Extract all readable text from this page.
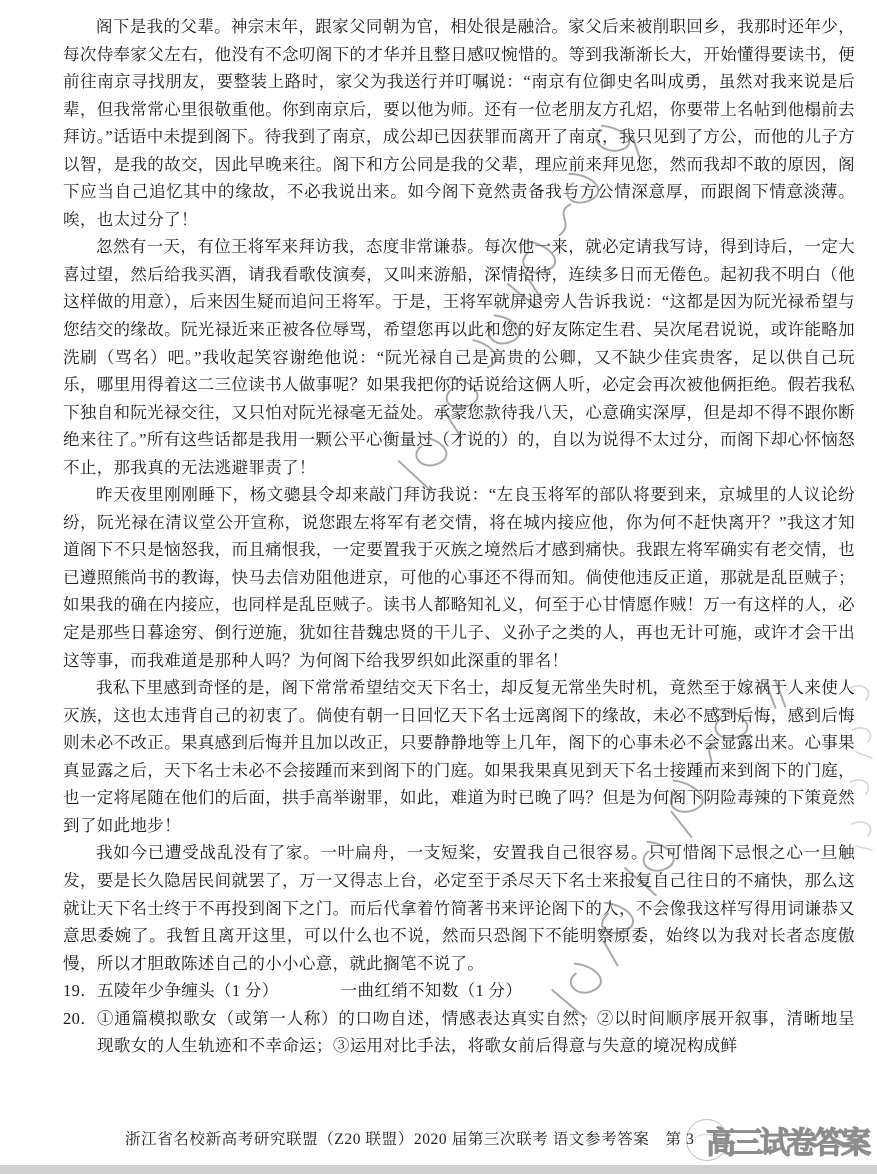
阁下是我的父辈。神宗末年，跟家父同朝为官，相处很是融洽。家父后来被削职回乡，我那时还年少，每次侍奉家父左右，他没有不念叨阁下的才华并且整日感叹惋惜的。等到我渐渐长大，开始懂得要读书，便前往南京寻找朋友，要整装上路时，家父为我送行并叮嘱说：“南京有位御史名叫成勇，虽然对我来说是后辈，但我常常心里很敬重他。你到南京后，要以他为师。还有一位老朋友方孔炤，你要带上名帖到他榻前去拜访。”话语中未提到阁下。待我到了南京，成公却已因获罪而离开了南京，我只见到了方公，而他的儿子方以智，是我的故交，因此早晚来往。阁下和方公同是我的父辈，理应前来拜见您，然而我却不敢的原因，阁下应当自己追忆其中的缘故，不必我说出来。如今阁下竟然责备我与方公情深意厚，而跟阁下情意淡薄。唉，也太过分了！

忽然有一天，有位王将军来拜访我，态度非常谦恭。每次他一来，就必定请我写诗，得到诗后，一定大喜过望，然后给我买酒，请我看歌伎演奏，又叫来游船，深情招待，连续多日而无倦色。起初我不明白（他这样做的用意），后来因生疑而追问王将军。于是，王将军就屏退旁人告诉我说：“这都是因为阮光禄希望与您结交的缘故。阮光禄近来正被各位辱骂，希望您再以此和您的好友陈定生君、吴次尾君说说，或许能略加洗刷（骂名）吧。”我收起笑容谢绝他说：“阮光禄自己是高贵的公卿，又不缺少佳宾贵客，足以供自己玩乐，哪里用得着这二三位读书人做事呢？如果我把你的话说给这俩人听，必定会再次被他俩拒绝。假若我私下独自和阮光禄交往，又只怕对阮光禄毫无益处。承蒙您款待我八天，心意确实深厚，但是却不得不跟你断绝来往了。”所有这些话都是我用一颗公平心衡量过（才说的）的，自以为说得不太过分，而阁下却心怀恼怒不止，那我真的无法逃避罪责了！

昨天夜里刚刚睡下，杨文骢县令却来敲门拜访我说：“左良玉将军的部队将要到来，京城里的人议论纷纷，阮光禄在清议堂公开宣称，说您跟左将军有老交情，将在城内接应他，你为何不赶快离开？”我这才知道阁下不只是恼怒我，而且痛恨我，一定要置我于灭族之境然后才感到痛快。我跟左将军确实有老交情，也已遵照熊尚书的教诲，快马去信劝阻他进京，可他的心事还不得而知。倘使他违反正道，那就是乱臣贼子；如果我的确在内接应，也同样是乱臣贼子。读书人都略知礼义，何至于心甘情愿作贼！万一有这样的人，必定是那些日暮途穷、倒行逆施，犹如往昔魏忠贤的干儿子、义孙子之类的人，再也无计可施，或许才会干出这等事，而我难道是那种人吗？为何阁下给我罗织如此深重的罪名！

我私下里感到奇怪的是，阁下常常希望结交天下名士，却反复无常坐失时机，竟然至于嫁祸于人来使人灭族，这也太违背自己的初衷了。倘使有朝一日回忆天下名士远离阁下的缘故，未必不感到后悔，感到后悔则未必不改正。果真感到后悔并且加以改正，只要静静地等上几年，阁下的心事未必不会显露出来。心事果真显露之后，天下名士未必不会接踵而来到阁下的门庭。如果我果真见到天下名士接踵而来到阁下的门庭，也一定将尾随在他们的后面，拱手高举谢罪，如此，难道为时已晚了吗？但是为何阁下阴险毒辣的下策竟然到了如此地步！

我如今已遭受战乱没有了家。一叶扁舟，一支短桨，安置我自己很容易。只可惜阁下忌恨之心一旦触发，要是长久隐居民间就罢了，万一又得志上台，必定至于杀尽天下名士来报复自己往日的不痛快，那么这就让天下名士终于不再投到阁下之门。而后代拿着竹简著书来评论阁下的人，不会像我这样写得用词谦恭又意思委婉了。我暂且离开这里，可以什么也不说，然而只恐阁下不能明察原委，始终以为我对长者态度傲慢，所以才胆敢陈述自己的小小心意，就此搁笔不说了。

19．五陵年少争缠头（1 分）	一曲红绡不知数（1 分）
20． ①通篇模拟歌女（或第一人称）的口吻自述，情感表达真实自然；②以时间顺序展开叙事，清晰地呈现歌女的人生轨迹和不幸命运；③运用对比手法，将歌女前后得意与失意的境况构成鲜
高三试卷答案
浙江省名校新高考研究联盟（Z20 联盟）2020 届第三次联考 语文参考答案　第 3
